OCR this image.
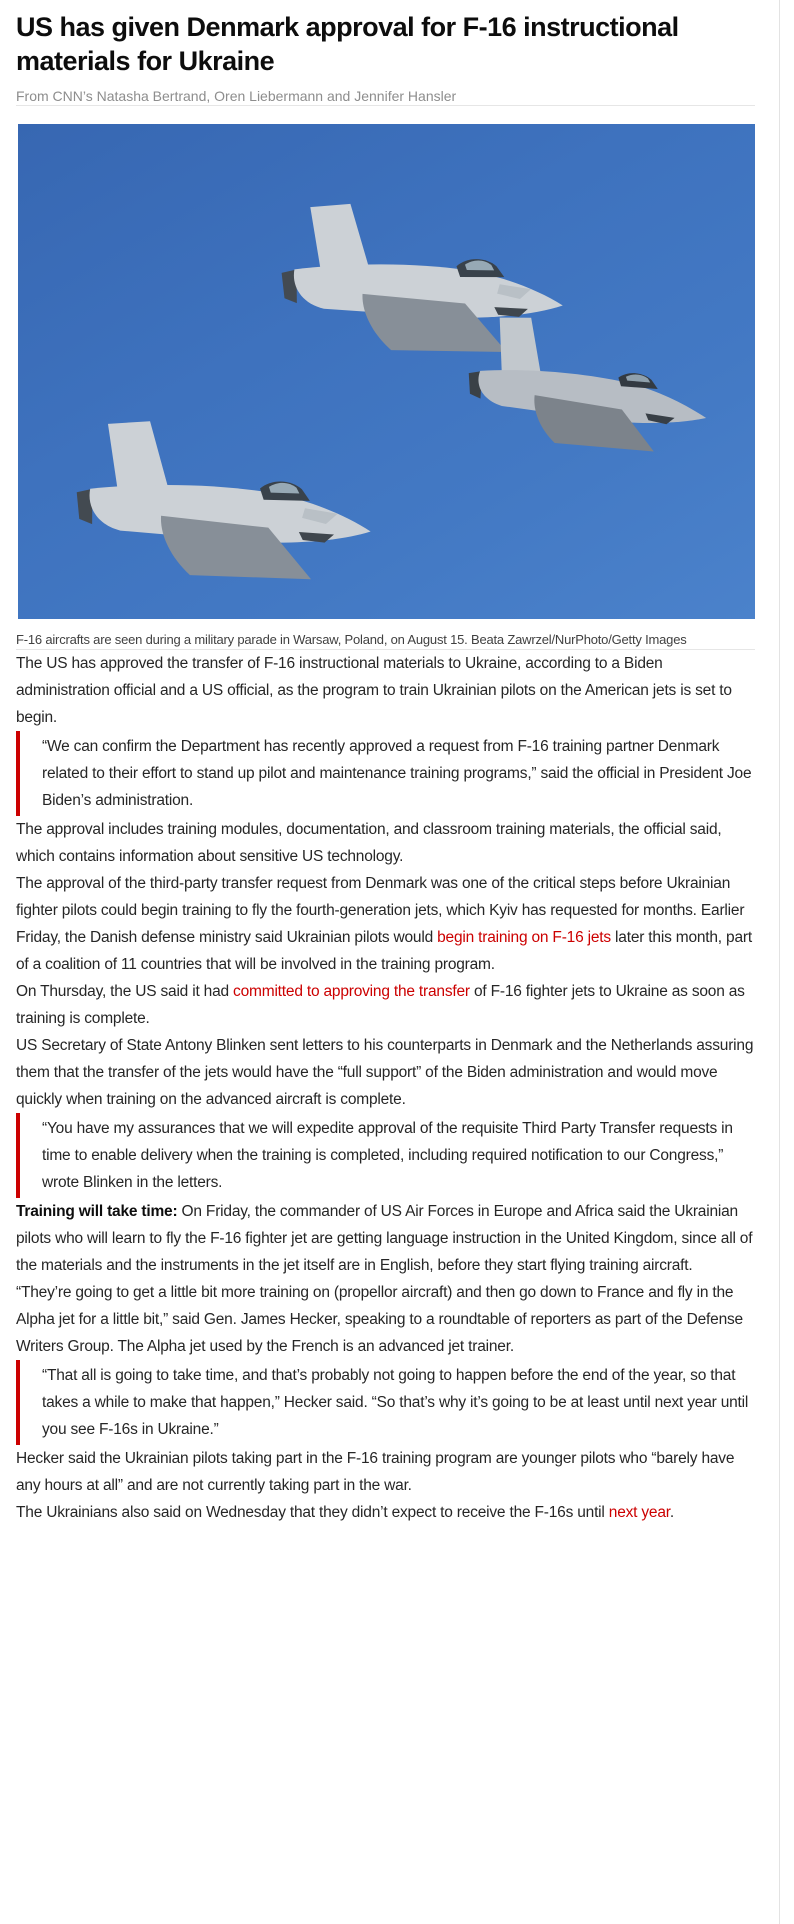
US has given Denmark approval for F-16 instructional materials for Ukraine
From CNN’s Natasha Bertrand, Oren Liebermann and Jennifer Hansler
F-16 aircrafts are seen during a military parade in Warsaw, Poland, on August 15. Beata Zawrzel/NurPhoto/Getty Images

The US has approved the transfer of F-16 instructional materials to Ukraine, according to a Biden administration official and a US official, as the program to train Ukrainian pilots on the American jets is set to begin.

“We can confirm the Department has recently approved a request from F-16 training partner Denmark related to their effort to stand up pilot and maintenance training programs,” said the official in President Joe Biden’s administration.

The approval includes training modules, documentation, and classroom training materials, the official said, which contains information about sensitive US technology.

The approval of the third-party transfer request from Denmark was one of the critical steps before Ukrainian fighter pilots could begin training to fly the fourth-generation jets, which Kyiv has requested for months. Earlier Friday, the Danish defense ministry said Ukrainian pilots would begin training on F-16 jets later this month, part of a coalition of 11 countries that will be involved in the training program.

On Thursday, the US said it had committed to approving the transfer of F-16 fighter jets to Ukraine as soon as training is complete.

US Secretary of State Antony Blinken sent letters to his counterparts in Denmark and the Netherlands assuring them that the transfer of the jets would have the “full support” of the Biden administration and would move quickly when training on the advanced aircraft is complete.

“You have my assurances that we will expedite approval of the requisite Third Party Transfer requests in time to enable delivery when the training is completed, including required notification to our Congress,” wrote Blinken in the letters.

Training will take time: On Friday, the commander of US Air Forces in Europe and Africa said the Ukrainian pilots who will learn to fly the F-16 fighter jet are getting language instruction in the United Kingdom, since all of the materials and the instruments in the jet itself are in English, before they start flying training aircraft.

“They’re going to get a little bit more training on (propellor aircraft) and then go down to France and fly in the Alpha jet for a little bit,” said Gen. James Hecker, speaking to a roundtable of reporters as part of the Defense Writers Group. The Alpha jet used by the French is an advanced jet trainer.

“That all is going to take time, and that’s probably not going to happen before the end of the year, so that takes a while to make that happen,” Hecker said. “So that’s why it’s going to be at least until next year until you see F-16s in Ukraine.”

Hecker said the Ukrainian pilots taking part in the F-16 training program are younger pilots who “barely have any hours at all” and are not currently taking part in the war.

The Ukrainians also said on Wednesday that they didn’t expect to receive the F-16s until next year.
